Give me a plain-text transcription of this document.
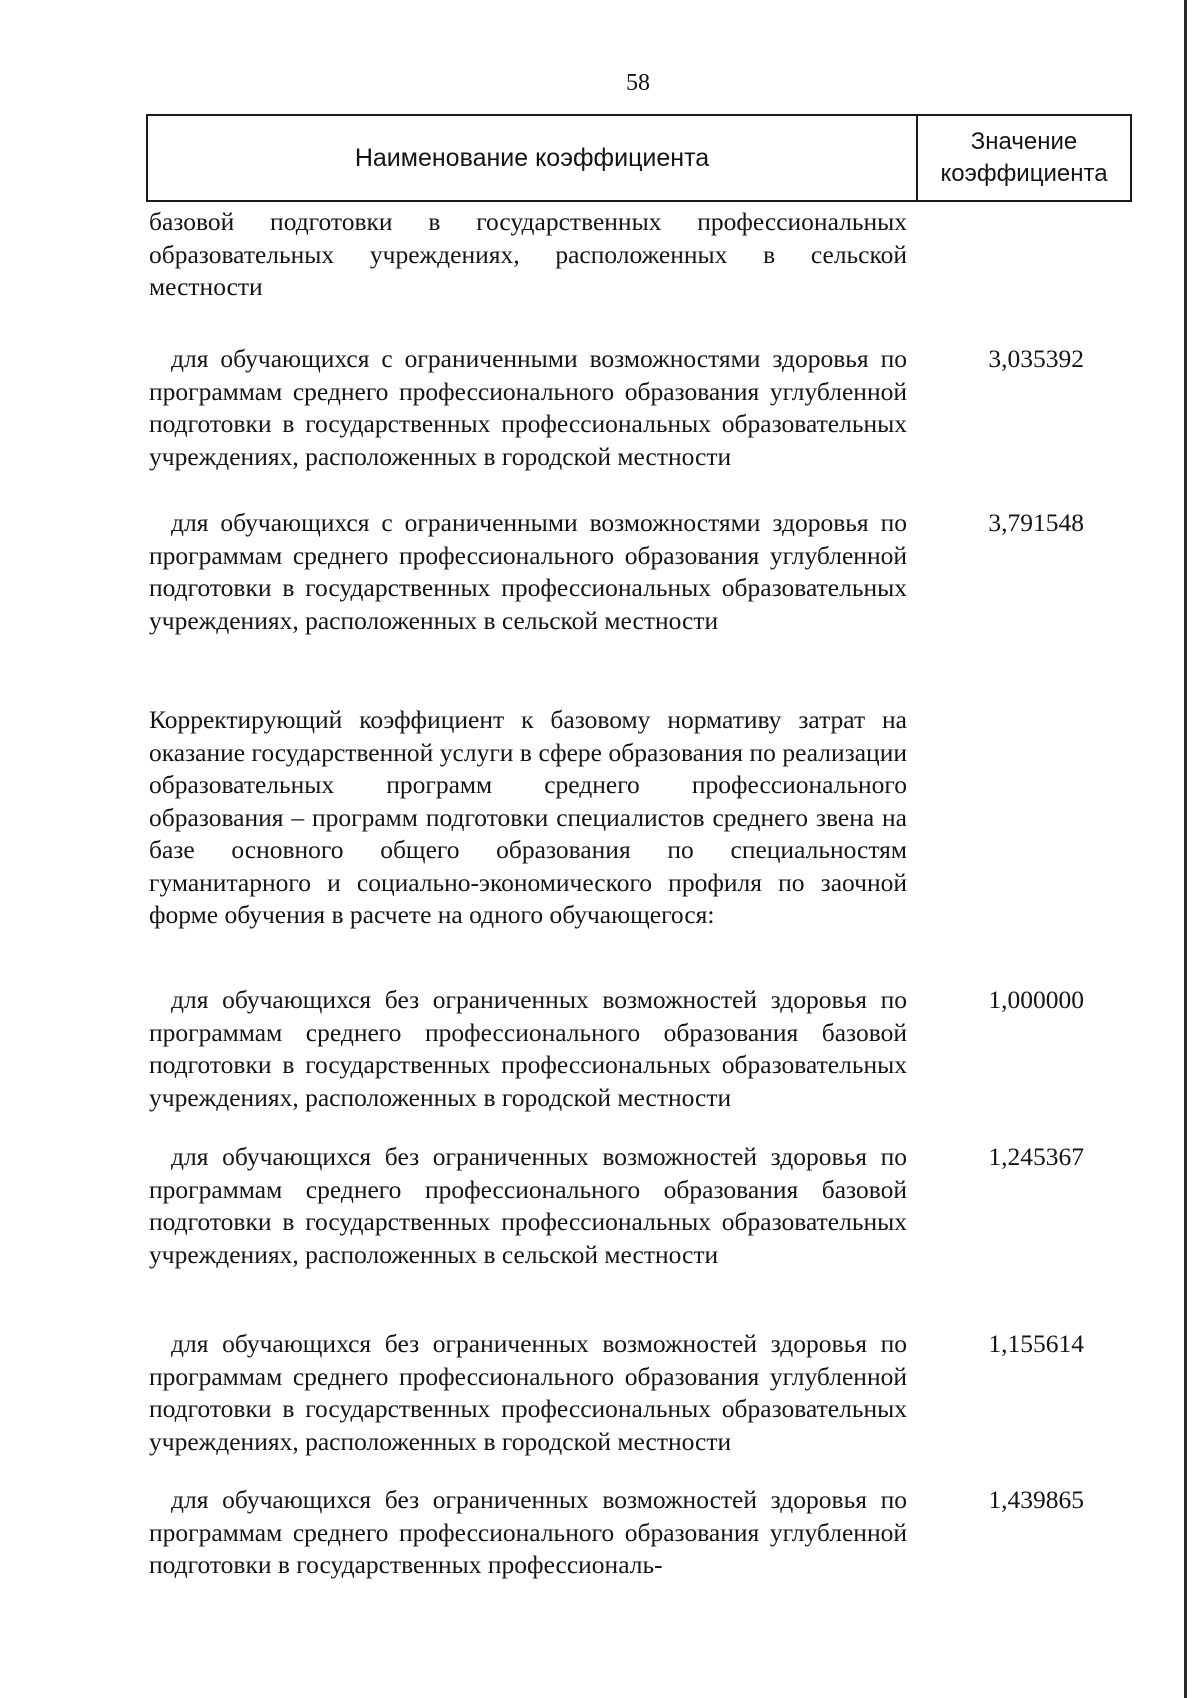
58
Наименование коэффициента
Значение
коэффициента
базовой подготовки в государственных профессиональных образовательных учреждениях, расположенных в сельской местности
для обучающихся с ограниченными возможностями здоровья по программам среднего профессионального образования углубленной подготовки в государственных профессиональных образовательных учреждениях, расположенных в городской местности
3,035392
для обучающихся с ограниченными возможностями здоровья по программам среднего профессионального образования углубленной подготовки в государственных профессиональных образовательных учреждениях, расположенных в сельской местности
3,791548
Корректирующий коэффициент к базовому нормативу затрат на оказание государственной услуги в сфере образования по реализации образовательных программ среднего профессионального образования – программ подготовки специалистов среднего звена на базе основного общего образования по специальностям гуманитарного и социально-экономического профиля по заочной форме обучения в расчете на одного обучающегося:
для обучающихся без ограниченных возможностей здоровья по программам среднего профессионального образования базовой подготовки в государственных профессиональных образовательных учреждениях, расположенных в городской местности
1,000000
для обучающихся без ограниченных возможностей здоровья по программам среднего профессионального образования базовой подготовки в государственных профессиональных образовательных учреждениях, расположенных в сельской местности
1,245367
для обучающихся без ограниченных возможностей здоровья по программам среднего профессионального образования углубленной подготовки в государственных профессиональных образовательных учреждениях, расположенных в городской местности
1,155614
для обучающихся без ограниченных возможностей здоровья по программам среднего профессионального образования углубленной подготовки в государственных профессиональ-
1,439865
